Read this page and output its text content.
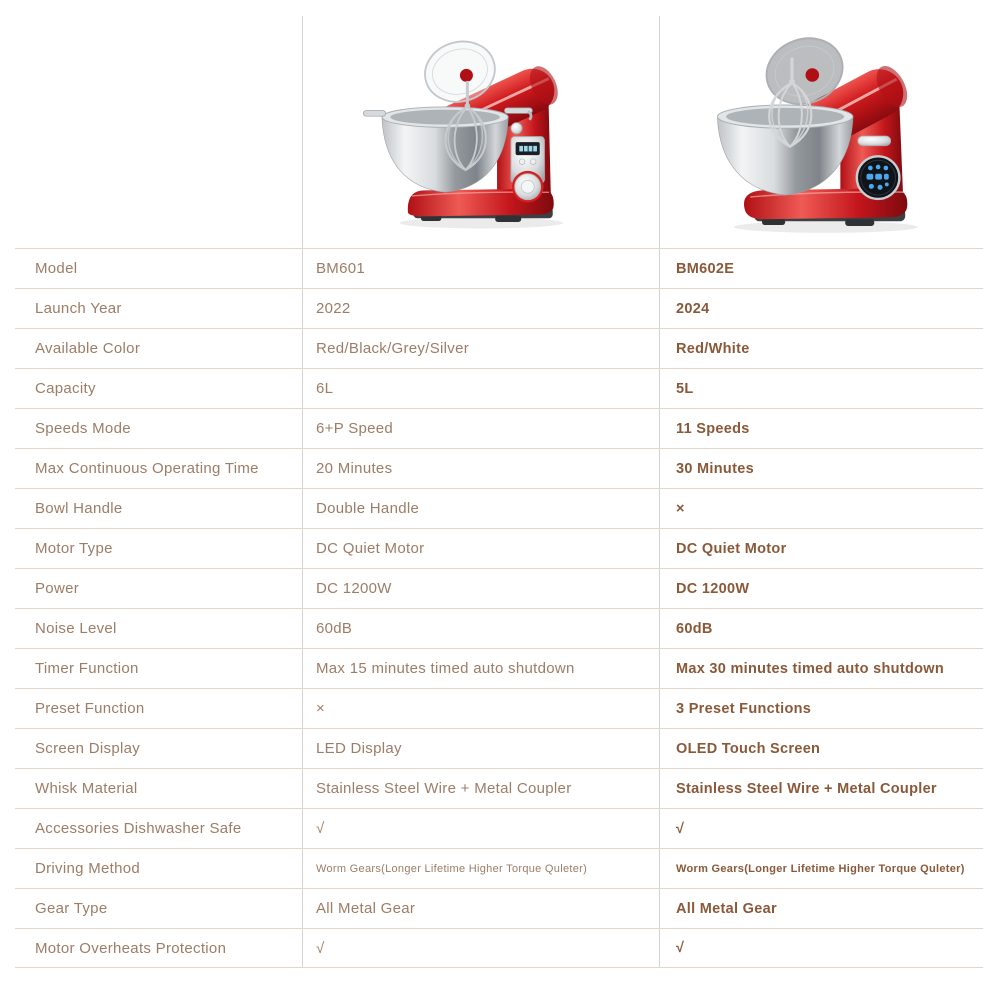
Model	BM601	BM602E
Launch Year	2022	2024
Available Color	Red/Black/Grey/Silver	Red/White
Capacity	6L	5L
Speeds Mode	6+P Speed	11 Speeds
Max Continuous Operating Time	20 Minutes	30 Minutes
Bowl Handle	Double Handle	×
Motor Type	DC Quiet Motor	DC Quiet Motor
Power	DC 1200W	DC 1200W
Noise Level	60dB	60dB
Timer Function	Max 15 minutes timed auto shutdown	Max 30 minutes timed auto shutdown
Preset Function	×	3 Preset Functions
Screen Display	LED Display	OLED Touch Screen
Whisk Material	Stainless Steel Wire + Metal Coupler	Stainless Steel Wire + Metal Coupler
Accessories Dishwasher Safe	√	√
Driving Method	Worm Gears(Longer Lifetime Higher Torque Quleter)	Worm Gears(Longer Lifetime Higher Torque Quleter)
Gear Type	All Metal Gear	All Metal Gear
Motor Overheats Protection	√	√
